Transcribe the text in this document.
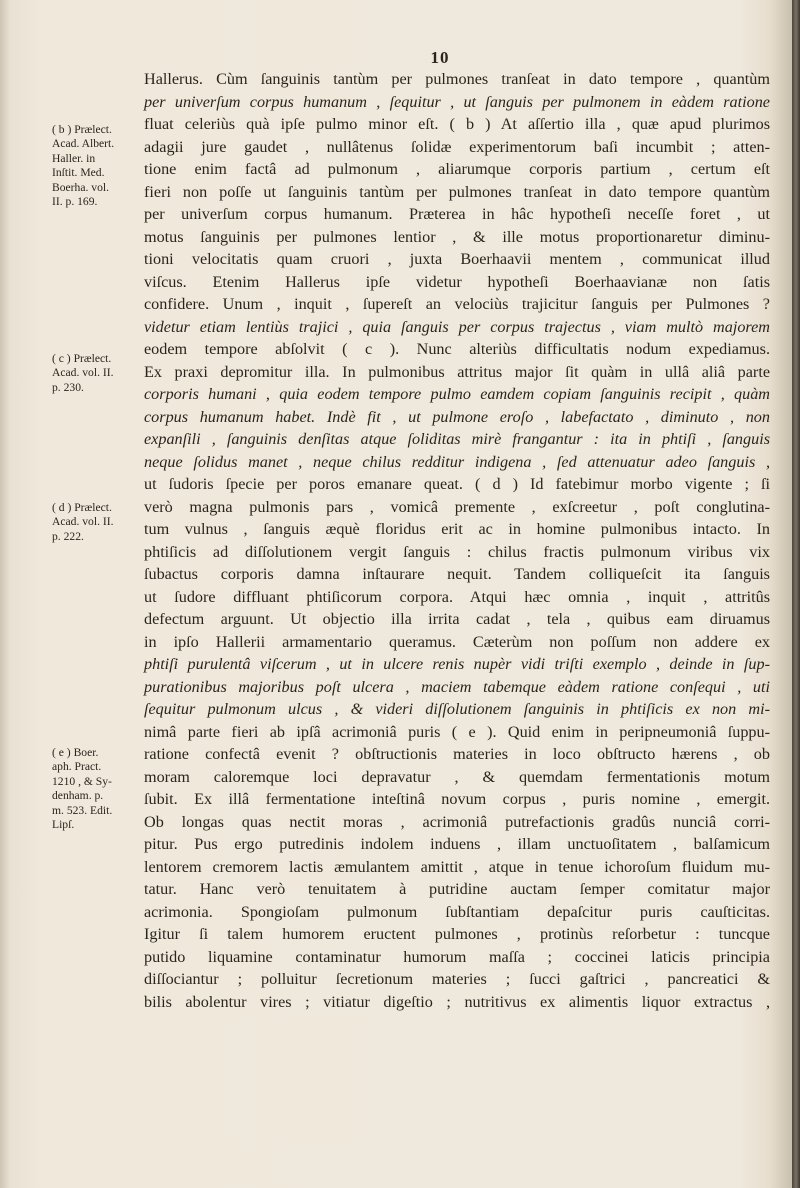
10
Hallerus. Cùm ſanguinis tantùm per pulmones tranſeat in dato tempore , quantùm
per univerſum corpus humanum , ſequitur , ut ſanguis per pulmonem in eàdem ratione
fluat celeriùs quà ipſe pulmo minor eſt. ( b ) At aſſertio illa , quæ apud plurimos
adagii jure gaudet , nullâtenus ſolidæ experimentorum baſi incumbit ; atten-
tione enim factâ ad pulmonum , aliarumque corporis partium , certum eſt
fieri non poſſe ut ſanguinis tantùm per pulmones tranſeat in dato tempore quantùm
per univerſum corpus humanum. Præterea in hâc hypotheſi neceſſe foret , ut
motus ſanguinis per pulmones lentior , & ille motus proportionaretur diminu-
tioni velocitatis quam cruori , juxta Boerhaavii mentem , communicat illud
viſcus. Etenim Hallerus ipſe videtur hypotheſi Boerhaavianæ non ſatis
confidere. Unum , inquit , ſupereſt an velociùs trajicitur ſanguis per Pulmones ?
videtur etiam lentiùs trajici , quia ſanguis per corpus trajectus , viam multò majorem
eodem tempore abſolvit ( c ). Nunc alteriùs difficultatis nodum expediamus.
Ex praxi depromitur illa. In pulmonibus attritus major ſit quàm in ullâ aliâ parte
corporis humani , quia eodem tempore pulmo eamdem copiam ſanguinis recipit , quàm
corpus humanum habet. Indè fit , ut pulmone eroſo , labefactato , diminuto , non
expanſili , ſanguinis denſitas atque ſoliditas mirè frangantur : ita in phtiſi , ſanguis
neque ſolidus manet , neque chilus redditur indigena , ſed attenuatur adeo ſanguis ,
ut ſudoris ſpecie per poros emanare queat. ( d ) Id fatebimur morbo vigente ; ſi
verò magna pulmonis pars , vomicâ premente , exſcreetur , poſt conglutina-
tum vulnus , ſanguis æquè floridus erit ac in homine pulmonibus intacto. In
phtiſicis ad diſſolutionem vergit ſanguis : chilus fractis pulmonum viribus vix
ſubactus corporis damna inſtaurare nequit. Tandem colliqueſcit ita ſanguis
ut ſudore diffluant phtiſicorum corpora. Atqui hæc omnia , inquit , attritûs
defectum arguunt. Ut objectio illa irrita cadat , tela , quibus eam diruamus
in ipſo Hallerii armamentario queramus. Cæterùm non poſſum non addere ex
phtiſi purulentâ viſcerum , ut in ulcere renis nupèr vidi triſti exemplo , deinde in ſup-
purationibus majoribus poſt ulcera , maciem tabemque eàdem ratione conſequi , uti
ſequitur pulmonum ulcus , & videri diſſolutionem ſanguinis in phtiſicis ex non mi-
nimâ parte fieri ab ipſâ acrimoniâ puris ( e ). Quid enim in peripneumoniâ ſuppu-
ratione confectâ evenit ? obſtructionis materies in loco obſtructo hærens , ob
moram caloremque loci depravatur , & quemdam fermentationis motum
ſubit. Ex illâ fermentatione inteſtinâ novum corpus , puris nomine , emergit.
Ob longas quas nectit moras , acrimoniâ putrefactionis gradûs nunciâ corri-
pitur. Pus ergo putredinis indolem induens , illam unctuoſitatem , balſamicum
lentorem cremorem lactis æmulantem amittit , atque in tenue ichoroſum fluidum mu-
tatur. Hanc verò tenuitatem à putridine auctam ſemper comitatur major
acrimonia. Spongioſam pulmonum ſubſtantiam depaſcitur puris cauſticitas.
Igitur ſi talem humorem eructent pulmones , protinùs reſorbetur : tuncque
putido liquamine contaminatur humorum maſſa ; coccinei laticis principia
diſſociantur ; polluitur ſecretionum materies ; ſucci gaſtrici , pancreatici &
bilis abolentur vires ; vitiatur digeſtio ; nutritivus ex alimentis liquor extractus ,
( b ) Prælect.
Acad. Albert.
Haller. in
Inſtit. Med.
Boerha. vol.
II. p. 169.
( c ) Prælect.
Acad. vol. II.
p. 230.
( d ) Prælect.
Acad. vol. II.
p. 222.
( e ) Boer.
aph. Pract.
1210 , & Sy-
denham. p.
m. 523. Edit.
Lipſ.
